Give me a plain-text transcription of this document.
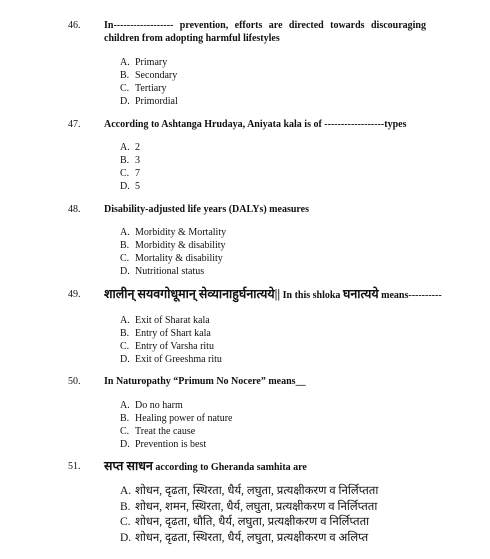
46. In------------------ prevention, efforts are directed towards discouraging children from adopting harmful lifestyles
A. Primary
B. Secondary
C. Tertiary
D. Primordial
47. According to Ashtanga Hrudaya, Aniyata kala is of ------------------types
A. 2
B. 3
C. 7
D. 5
48. Disability-adjusted life years (DALYs) measures
A. Morbidity & Mortality
B. Morbidity & disability
C. Mortality & disability
D. Nutritional status
49. शालीन् सयवगोधूमान् सेव्यानाहुर्घनात्यये|| In this shloka घनात्यये means----------
A. Exit of Sharat kala
B. Entry of Shart kala
C. Entry of Varsha ritu
D. Exit of Greeshma ritu
50. In Naturopathy “Primum No Nocere” means__
A. Do no harm
B. Healing power of nature
C. Treat the cause
D. Prevention is best
51. सप्त साधन according to Gheranda samhita are
A. शोधन, दृढता, स्थिरता, धैर्य, लघुता, प्रत्यक्षीकरण व निर्लिप्तता
B. शोधन, शमन, स्थिरता, धैर्य, लघुता, प्रत्यक्षीकरण व निर्लिप्तता
C. शोधन, दृढता, धौति, धैर्य, लघुता, प्रत्यक्षीकरण व निर्लिप्तता
D. शोधन, दृढता, स्थिरता, धैर्य, लघुता, प्रत्यक्षीकरण व अलिप्त
